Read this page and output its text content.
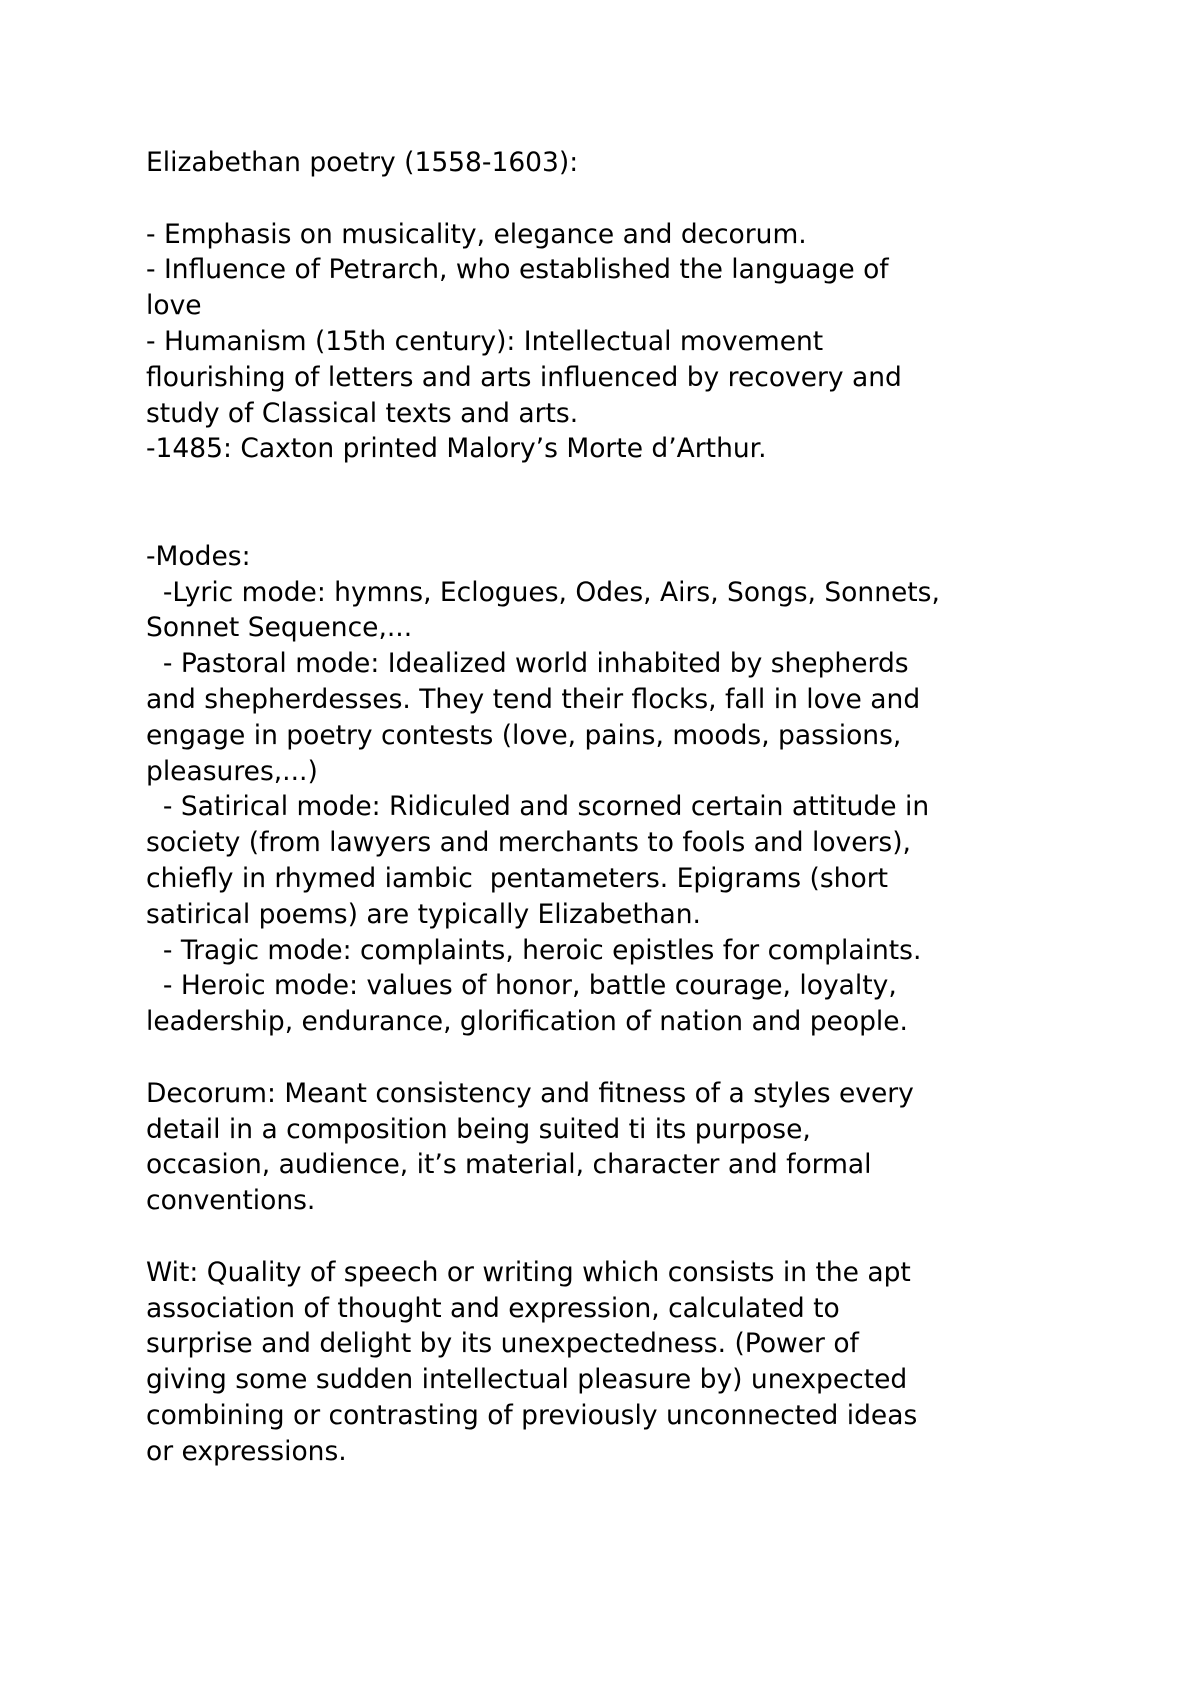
Elizabethan poetry (1558-1603):
- Emphasis on musicality, elegance and decorum.
- Influence of Petrarch, who established the language of
love
- Humanism (15th century): Intellectual movement
flourishing of letters and arts influenced by recovery and
study of Classical texts and arts.
-1485: Caxton printed Malory’s Morte d’Arthur.
-Modes:
-Lyric mode: hymns, Eclogues, Odes, Airs, Songs, Sonnets,
Sonnet Sequence,...
- Pastoral mode: Idealized world inhabited by shepherds
and shepherdesses. They tend their flocks, fall in love and
engage in poetry contests (love, pains, moods, passions,
pleasures,...)
- Satirical mode: Ridiculed and scorned certain attitude in
society (from lawyers and merchants to fools and lovers),
chiefly in rhymed iambic  pentameters. Epigrams (short
satirical poems) are typically Elizabethan.
- Tragic mode: complaints, heroic epistles for complaints.
- Heroic mode: values of honor, battle courage, loyalty,
leadership, endurance, glorification of nation and people.
Decorum: Meant consistency and fitness of a styles every
detail in a composition being suited ti its purpose,
occasion, audience, it’s material, character and formal
conventions.
Wit: Quality of speech or writing which consists in the apt
association of thought and expression, calculated to
surprise and delight by its unexpectedness. (Power of
giving some sudden intellectual pleasure by) unexpected
combining or contrasting of previously unconnected ideas
or expressions.
